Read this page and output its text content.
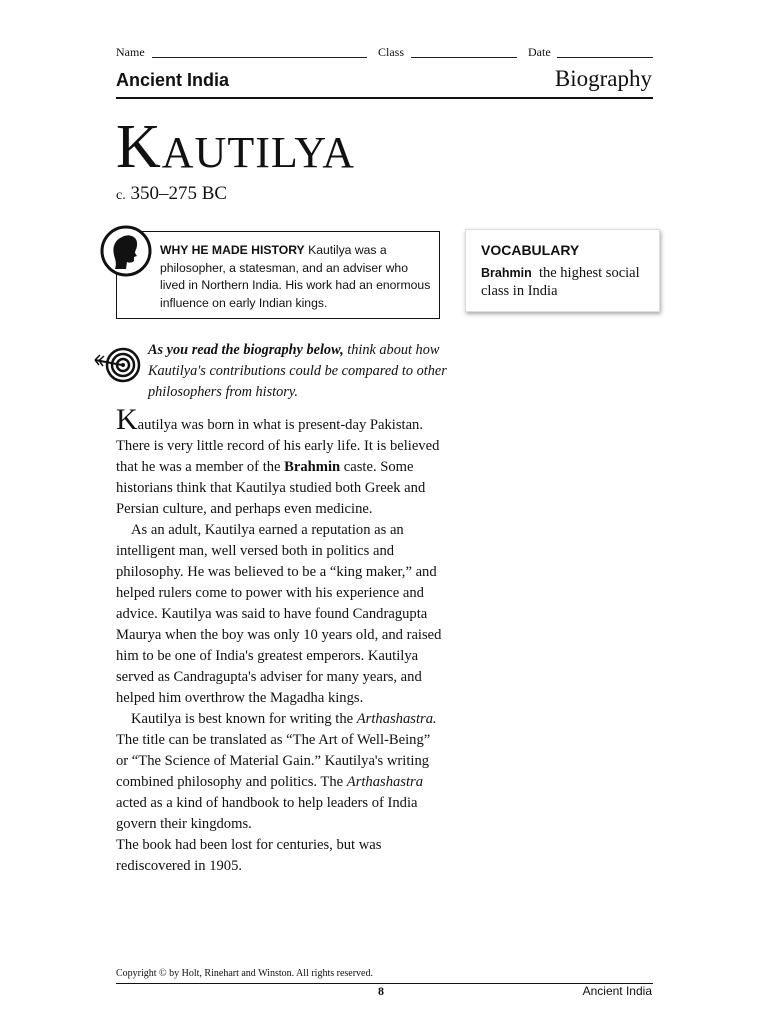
Name	Class	Date
Ancient India	Biography
KAUTILYA
c. 350–275 BC
WHY HE MADE HISTORY Kautilya was a philosopher, a statesman, and an adviser who lived in Northern India. His work had an enormous influence on early Indian kings.
VOCABULARY
Brahmin the highest social class in India
As you read the biography below, think about how Kautilya's contributions could be compared to other philosophers from history.

Kautilya was born in what is present-day Pakistan. There is very little record of his early life. It is believed that he was a member of the Brahmin caste. Some historians think that Kautilya studied both Greek and Persian culture, and perhaps even medicine.

As an adult, Kautilya earned a reputation as an intelligent man, well versed both in politics and philosophy. He was believed to be a “king maker,” and helped rulers come to power with his experience and advice. Kautilya was said to have found Candragupta Maurya when the boy was only 10 years old, and raised him to be one of India's greatest emperors. Kautilya served as Candragupta's adviser for many years, and helped him overthrow the Magadha kings.

Kautilya is best known for writing the Arthashastra. The title can be translated as “The Art of Well-Being” or “The Science of Material Gain.” Kautilya's writing combined philosophy and politics. The Arthashastra acted as a kind of handbook to help leaders of India govern their kingdoms.

The book had been lost for centuries, but was rediscovered in 1905.

Copyright © by Holt, Rinehart and Winston. All rights reserved.
8	Ancient India
